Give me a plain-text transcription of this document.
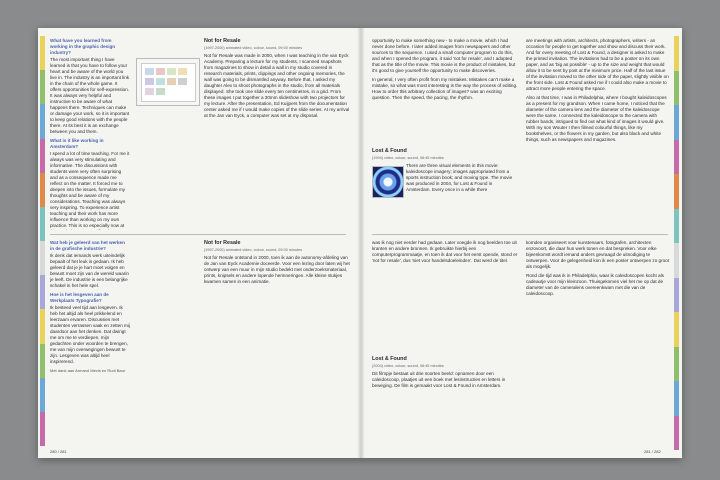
What have you learned from working in the graphic design industry?

The most important thing I have learned is that you have to follow your heart and be aware of the world you live in. The industry is an important link in the chain of the whole game. It offers opportunities for self-expression. It was always very helpful and instructive to be aware of what happens there. Techniques can make or damage your work, so it is important to keep good relations with the people there. At its best it is an exchange between you and them.

What is it like working in Amsterdam?

I spend a lot of time teaching. For me it always was very stimulating and informative. The discussions with students were very often surprising and as a consequence made me reflect on the matter. It forced me to deepen into the issues, formulate my thoughts and be aware of my considerations. Teaching was always very inspiring. To experience artist teaching and their work has more influence than working on my own practice. This is so especially now at

Wat heb je geleerd van het werken in de grafische industrie?

Ik denk dat iemands werk uiteindelijk bepaalt of het leuk is gedaan. Ik heb geleerd dat je je hart moet volgen en bewust moet zijn van de wereld waarin je leeft. De industrie is een belangrijke schakel in het hele spel.

Hoe is het lesgeven aan de Werkplaats Typografie?

Ik besteed veel tijd aan lesgeven. Ik heb het altijd als heel prikkelend en leerzaam ervaren. Discussies met studenten verrassen vaak en zetten mij daardoor aan het denken. Dat dwingt me om me te verdiepen, mijn gedachten onder woorden te brengen, me van mijn overwegingen bewust te zijn. Lesgeven was altijd heel inspirerend.

Met dank aan Armand Mevis en Rudi Baur
Not for Resale
(1997-2000) animated video, colour, sound, 09:00 minutes

Not for Resale was made in 2000, when I was teaching in the van Eyck Academy. Preparing a lecture for my students, I scanned snapshots from magazines to show in detail a wall in my studio covered in research materials, prints, clippings and other ongoing memories, the wall was going to be dismantled anyway. Before that, I asked my daughter Alex to shoot photographs in the studio, from all materials displayed. She took one slide every ten centimetres, in a grid. From these images I put together a 30mm slideshow with two projectors for my lecture. After the presentation, Ed Kuijpers from the documentation center asked me if I would make copies of the slide series. At my arrival at the Jan van Eyck, a computer was set at my disposal.

Not for Resale
(1997-2000) animated video, colour, sound, 09:00 minutes

Not for Resale ontstond in 2000, toen ik aan de autonomy-afdeling van de Jan van Eyck Academie doceerde. Voor een lezing door laten wij het ontwerp van een muur in mijn studio bedekt met onderzoeksmateriaal, prints, knipsels en andere lopende herinneringen. Alle kleine stukjes kwamen samen in een animatie.

opportunity to make something new - to make a movie, which I had never done before. I later added images from newspapers and other sources to the sequence. I used a small computer program to do this, and when I opened the program, it said 'not for resale', and I adopted that as the title of the movie. This movie is the product of mistakes, but it's good to give yourself the opportunity to make discoveries.

In general, I very often profit from my mistakes. Mistakes can't make a mistake, so what was most interesting is the way the process of editing. How to order this arbitrary collection of images? was an exciting question. Then the speed, the pacing, the rhythm.

Lost & Found
(1994) video, colour, sound, 08:45 minutes

There are three visual elements in this movie: kaleidoscope imagery; images appropriated from a sports instruction book; and moving type. The movie was produced in 2004, for Lost & Found in Amsterdam. Every once in a while there

was ik nog niet eerder had gedaan. Later voegde ik nog beelden toe uit kranten en andere bronnen. Ik gebruikte hierbij een computerprogrammaatje, en toen ik dat voor het eerst opende, stond er 'not for resale', dus 'niet voor handelsdoeleinden'. Dat werd de titel.

Lost & Found
(2004) video, colour, sound, 08:45 minutes

Dit filmpje bestaat uit drie soorten beeld: opnamen door een caleidoscoop, plaatjes uit een boek met lesinstructies en letters in beweging. De film is gemaakt voor Lost & Found in Amsterdam.

are meetings with artists, architects, photographers, writers - an occasion for people to get together and show and discuss their work. And for every meeting of Lost & Found, a designer is asked to make the printed invitation. The invitations had to be a poster on its own paper, and as 'big as possible' - up to the size and weight that would allow it to be sent by post at the minimum price. Half of the last issue of the invitation moved to the other side of the paper, slightly visible on the front side. Lost & Found asked me if I could also make a movie to attract more people entering the space.

Also at that time, I was in Philadelphia, where I bought kaleidoscopes as a present for my grandson. When I came home, I noticed that the diameter of the camera lens and the diameter of the kaleidoscope were the same. I connected the kaleidoscope to the camera with rubber bands, intrigued to find out what kind of images it would give. With my son Wouter I then filmed colourful things, like my bookshelves, or the flowers in my garden, but also black and white things, such as newspapers and magazines.

komden organiseert voor kunstenaars, fotografen, architecten enzovoort, die daar hun werk tonen en dat bespreken. Voor elke bijeenkomst wordt iemand anders gevraagd de uitnodiging te ontwerpen. Voor de gelegenheid kon ik een poster ontwerpen zo groot als mogelijk.

Rond die tijd was ik in Philadelphia, waar ik caleidoscopen kocht als cadeautje voor mijn kleinzoon. Thuisgekomen viel het me op dat de diameter van de cameralens overeenkwam met die van de caleidoscoop.

280 / 281	281 / 282
